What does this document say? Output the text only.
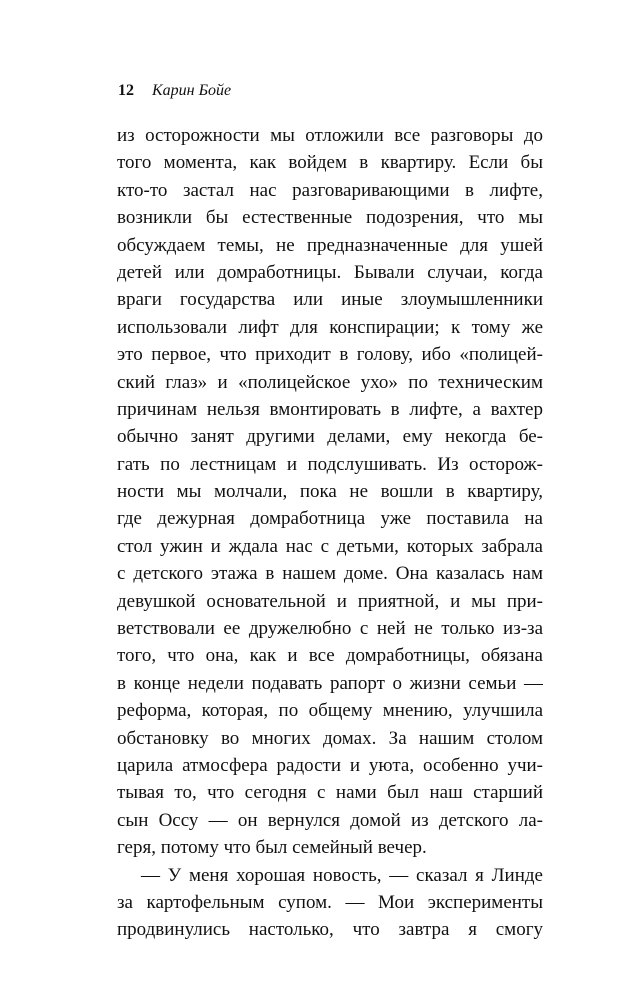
12 Карин Бойе
из осторожности мы отложили все разговоры до
того момента, как войдем в квартиру. Если бы
кто-то застал нас разговаривающими в лифте,
возникли бы естественные подозрения, что мы
обсуждаем темы, не предназначенные для ушей
детей или домработницы. Бывали случаи, когда
враги государства или иные злоумышленники
использовали лифт для конспирации; к тому же
это первое, что приходит в голову, ибо «полицей-
ский глаз» и «полицейское ухо» по техническим
причинам нельзя вмонтировать в лифте, а вахтер
обычно занят другими делами, ему некогда бе-
гать по лестницам и подслушивать. Из осторож-
ности мы молчали, пока не вошли в квартиру,
где дежурная домработница уже поставила на
стол ужин и ждала нас с детьми, которых забрала
с детского этажа в нашем доме. Она казалась нам
девушкой основательной и приятной, и мы при-
ветствовали ее дружелюбно с ней не только из-за
того, что она, как и все домработницы, обязана
в конце недели подавать рапорт о жизни семьи —
реформа, которая, по общему мнению, улучшила
обстановку во многих домах. За нашим столом
царила атмосфера радости и уюта, особенно учи-
тывая то, что сегодня с нами был наш старший
сын Оссу — он вернулся домой из детского ла-
геря, потому что был семейный вечер.
— У меня хорошая новость, — сказал я Линде
за картофельным супом. — Мои эксперименты
продвинулись настолько, что завтра я смогу
